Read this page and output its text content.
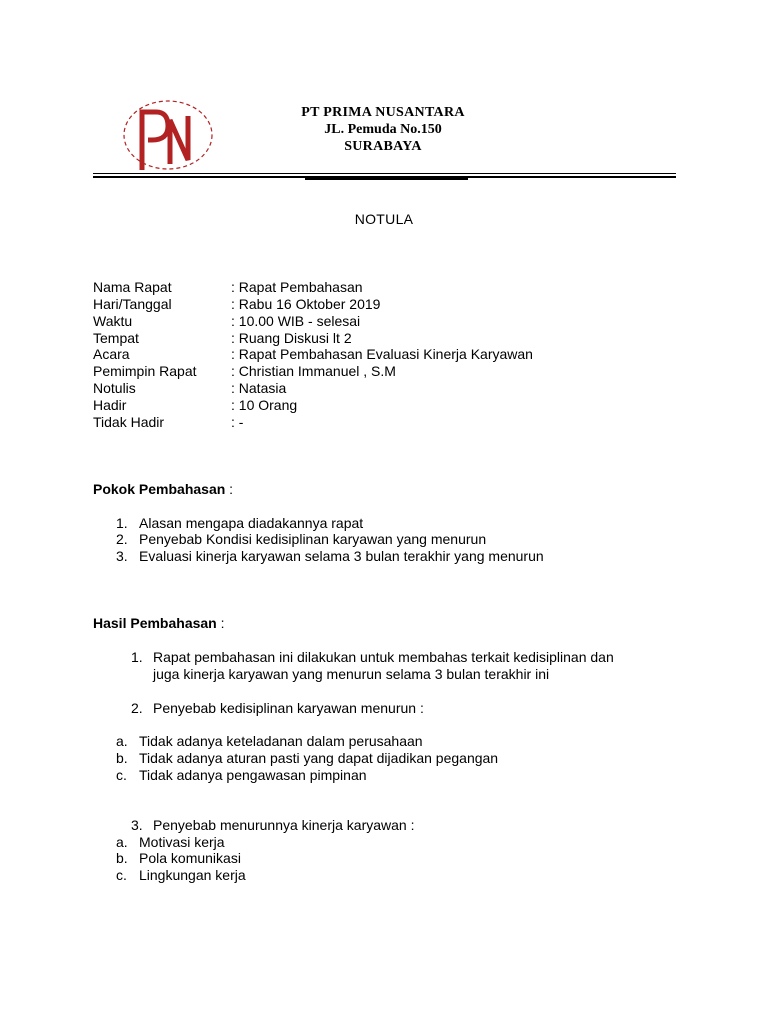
PT PRIMA NUSANTARA
JL. Pemuda No.150
SURABAYA
NOTULA
Nama Rapat	: Rapat Pembahasan
Hari/Tanggal	: Rabu 16 Oktober 2019
Waktu	: 10.00 WIB - selesai
Tempat	: Ruang Diskusi lt 2
Acara	: Rapat Pembahasan Evaluasi Kinerja Karyawan
Pemimpin Rapat : Christian Immanuel , S.M
Notulis	: Natasia
Hadir	: 10 Orang
Tidak Hadir	: -
Pokok Pembahasan :
1. Alasan mengapa diadakannya rapat
2. Penyebab Kondisi kedisiplinan karyawan yang menurun
3. Evaluasi kinerja karyawan selama 3 bulan terakhir yang menurun
Hasil Pembahasan :
1. Rapat pembahasan ini dilakukan untuk membahas terkait kedisiplinan dan
juga kinerja karyawan yang menurun selama 3 bulan terakhir ini
2. Penyebab kedisiplinan karyawan menurun :
a. Tidak adanya keteladanan dalam perusahaan
b. Tidak adanya aturan pasti yang dapat dijadikan pegangan
c. Tidak adanya pengawasan pimpinan
3. Penyebab menurunnya kinerja karyawan :
a. Motivasi kerja
b. Pola komunikasi
c. Lingkungan kerja
